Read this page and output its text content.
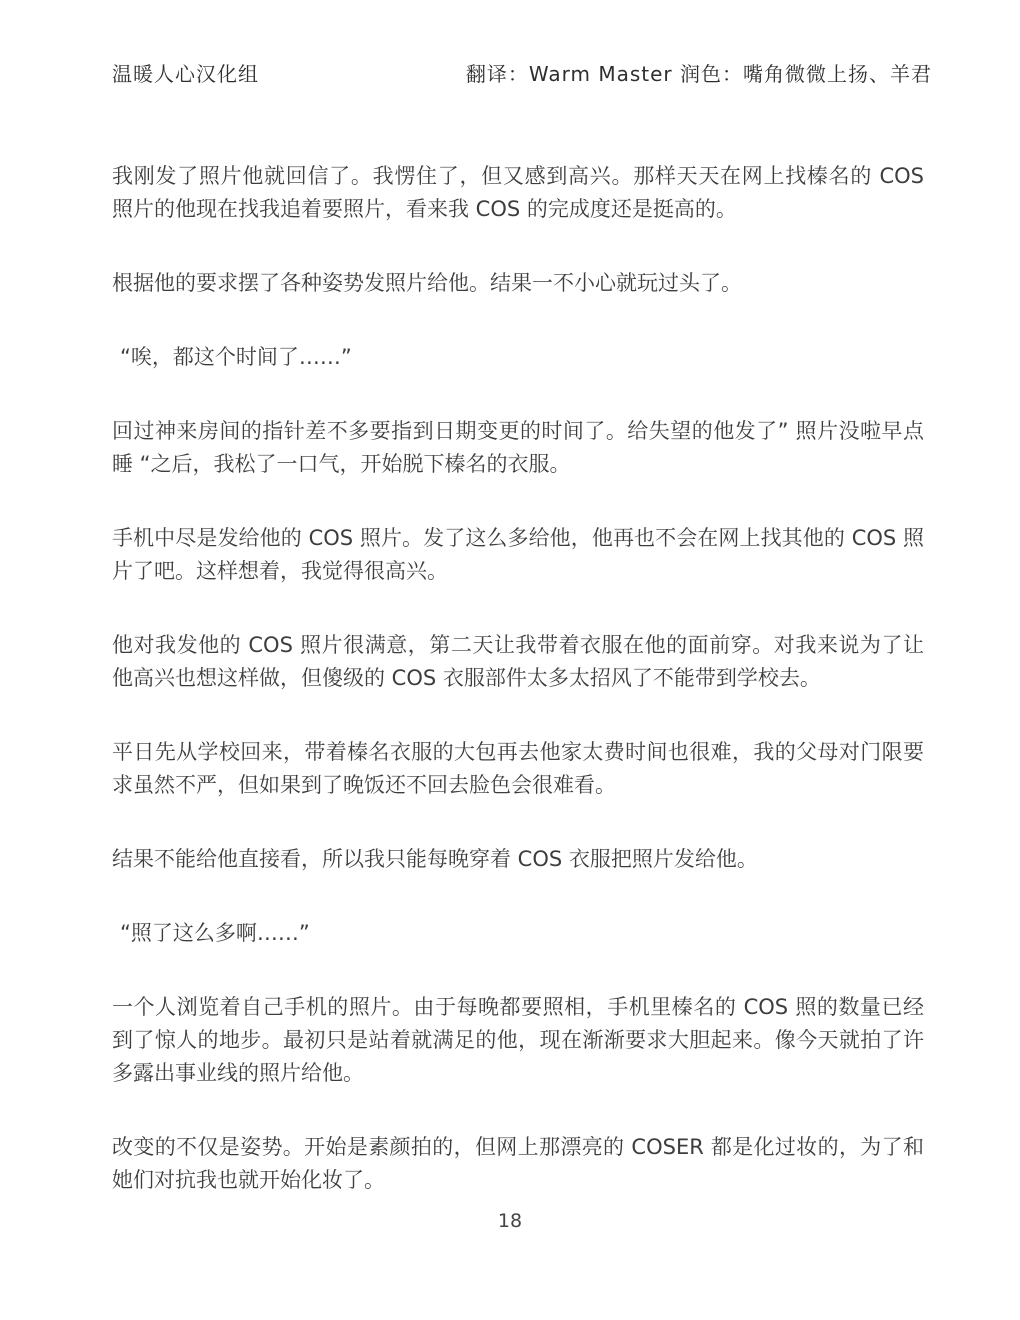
温暖人心汉化组	翻译：Warm Master 润色：嘴角微微上扬、羊君

我刚发了照片他就回信了。我愣住了，但又感到高兴。那样天天在网上找榛名的 COS 照片的他现在找我追着要照片，看来我 COS 的完成度还是挺高的。

根据他的要求摆了各种姿势发照片给他。结果一不小心就玩过头了。

“唉，都这个时间了……”

回过神来房间的指针差不多要指到日期变更的时间了。给失望的他发了” 照片没啦早点睡 “之后，我松了一口气，开始脱下榛名的衣服。

手机中尽是发给他的 COS 照片。发了这么多给他，他再也不会在网上找其他的 COS 照片了吧。这样想着，我觉得很高兴。

他对我发他的 COS 照片很满意，第二天让我带着衣服在他的面前穿。对我来说为了让他高兴也想这样做，但傻级的 COS 衣服部件太多太招风了不能带到学校去。

平日先从学校回来，带着榛名衣服的大包再去他家太费时间也很难，我的父母对门限要求虽然不严，但如果到了晚饭还不回去脸色会很难看。

结果不能给他直接看，所以我只能每晚穿着 COS 衣服把照片发给他。

“照了这么多啊……”

一个人浏览着自己手机的照片。由于每晚都要照相，手机里榛名的 COS 照的数量已经到了惊人的地步。最初只是站着就满足的他，现在渐渐要求大胆起来。像今天就拍了许多露出事业线的照片给他。

改变的不仅是姿势。开始是素颜拍的，但网上那漂亮的 COSER 都是化过妆的，为了和她们对抗我也就开始化妆了。

18
